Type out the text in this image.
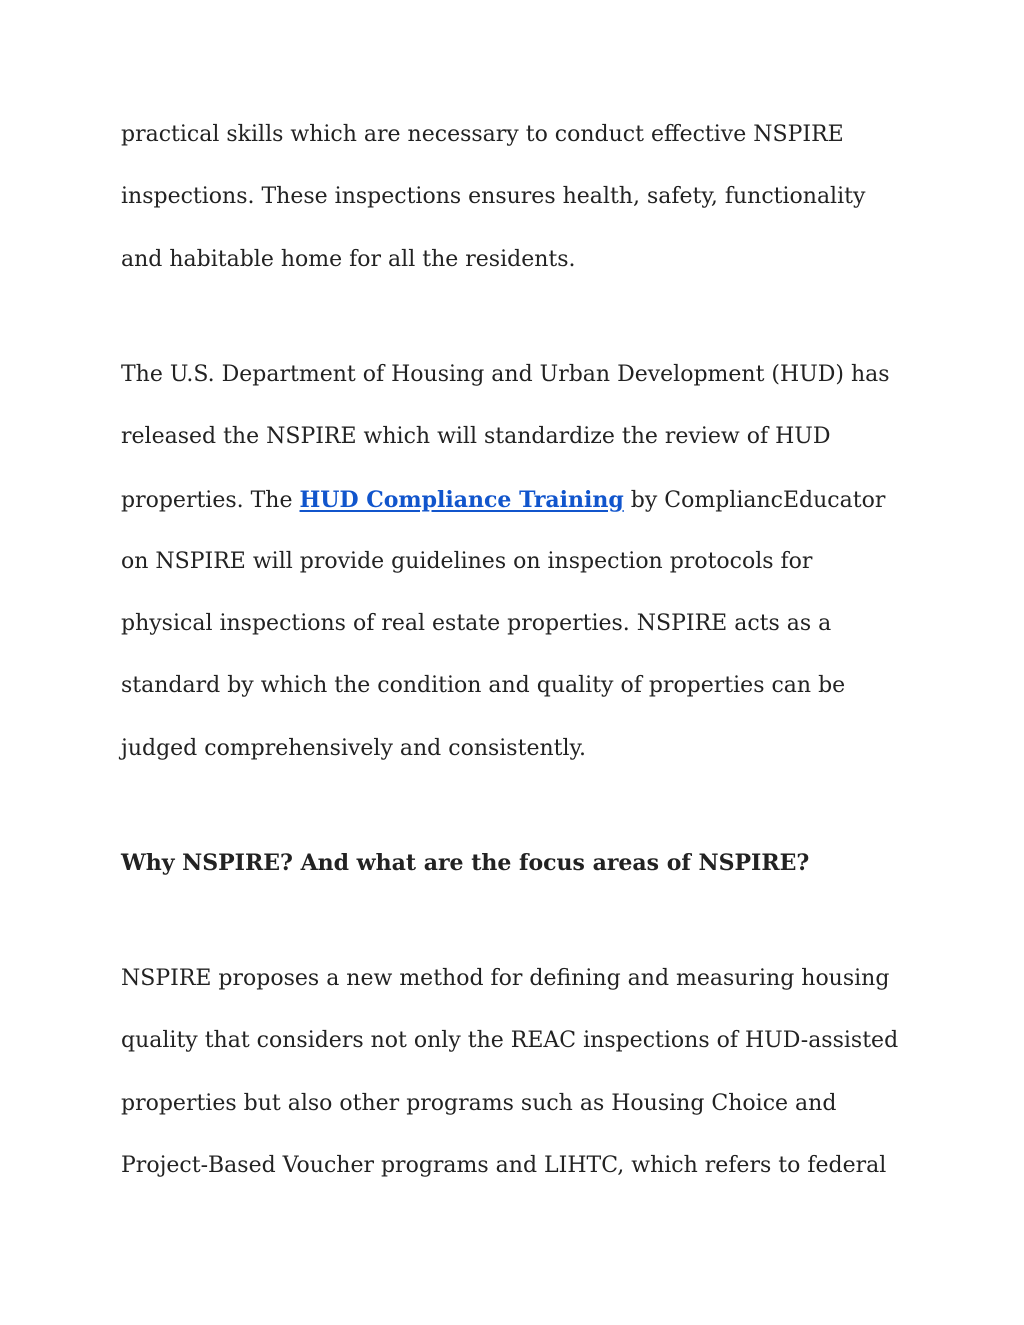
practical skills which are necessary to conduct effective NSPIRE
inspections. These inspections ensures health, safety, functionality
and habitable home for all the residents.

The U.S. Department of Housing and Urban Development (HUD) has
released the NSPIRE which will standardize the review of HUD
properties. The HUD Compliance Training by CompliancEducator
on NSPIRE will provide guidelines on inspection protocols for
physical inspections of real estate properties. NSPIRE acts as a
standard by which the condition and quality of properties can be
judged comprehensively and consistently.

Why NSPIRE? And what are the focus areas of NSPIRE?

NSPIRE proposes a new method for defining and measuring housing
quality that considers not only the REAC inspections of HUD-assisted
properties but also other programs such as Housing Choice and
Project-Based Voucher programs and LIHTC, which refers to federal
